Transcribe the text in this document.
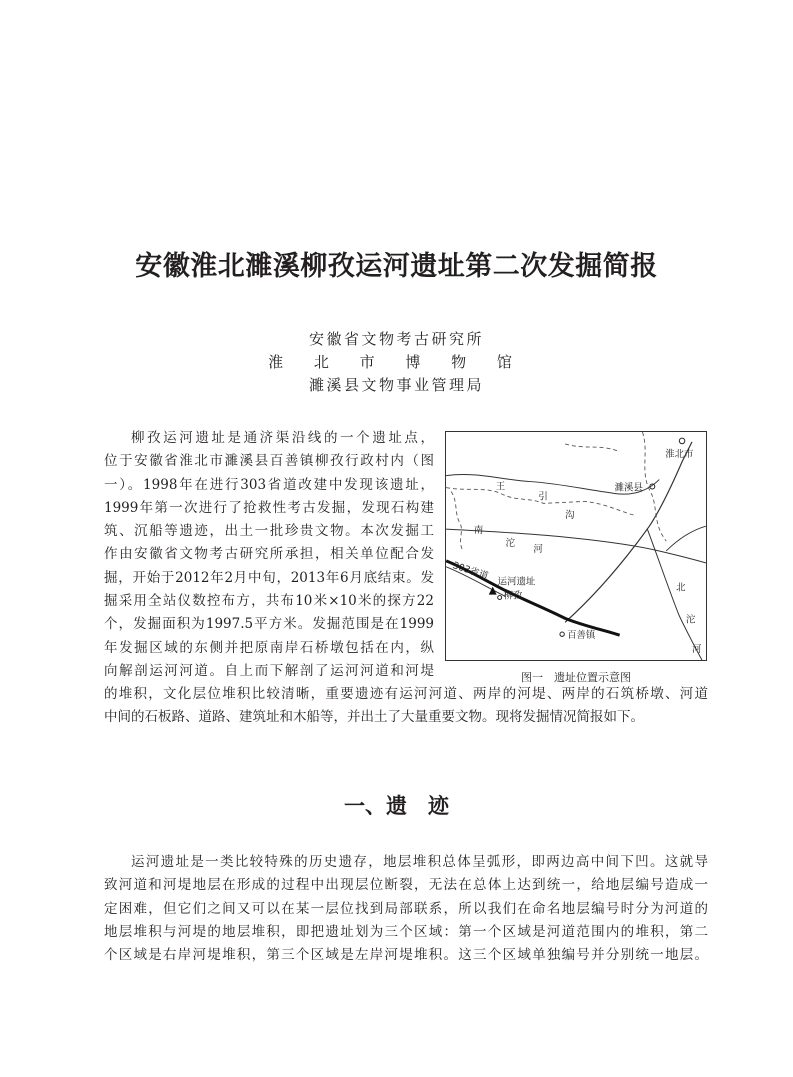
安徽淮北濉溪柳孜运河遗址第二次发掘简报
安徽省文物考古研究所
淮 北 市 博 物 馆
濉溪县文物事业管理局
柳孜运河遗址是通济渠沿线的一个遗址点，
位于安徽省淮北市濉溪县百善镇柳孜行政村内（图
一）。1998年在进行303省道改建中发现该遗址，
1999年第一次进行了抢救性考古发掘，发现石构建
筑、沉船等遗迹，出土一批珍贵文物。本次发掘工
作由安徽省文物考古研究所承担，相关单位配合发
掘，开始于2012年2月中旬，2013年6月底结束。发
掘采用全站仪数控布方，共布10米×10米的探方22
个，发掘面积为1997.5平方米。发掘范围是在1999
年发掘区域的东侧并把原南岸石桥墩包括在内，纵
向解剖运河河道。自上而下解剖了运河河道和河堤
的堆积，文化层位堆积比较清晰，重要遗迹有运河河道、两岸的河堤、两岸的石筑桥墩、河道
中间的石板路、道路、建筑址和木船等，并出土了大量重要文物。现将发掘情况简报如下。
淮北市
濉溪县
王
引
沟
南
沱
河
303省道
运河遗址
柳孜
百善镇
北
沱
河
图一　遗址位置示意图
一、遗　迹
运河遗址是一类比较特殊的历史遗存，地层堆积总体呈弧形，即两边高中间下凹。这就导
致河道和河堤地层在形成的过程中出现层位断裂，无法在总体上达到统一，给地层编号造成一
定困难，但它们之间又可以在某一层位找到局部联系，所以我们在命名地层编号时分为河道的
地层堆积与河堤的地层堆积，即把遗址划为三个区域：第一个区域是河道范围内的堆积，第二
个区域是右岸河堤堆积，第三个区域是左岸河堤堆积。这三个区域单独编号并分别统一地层。
